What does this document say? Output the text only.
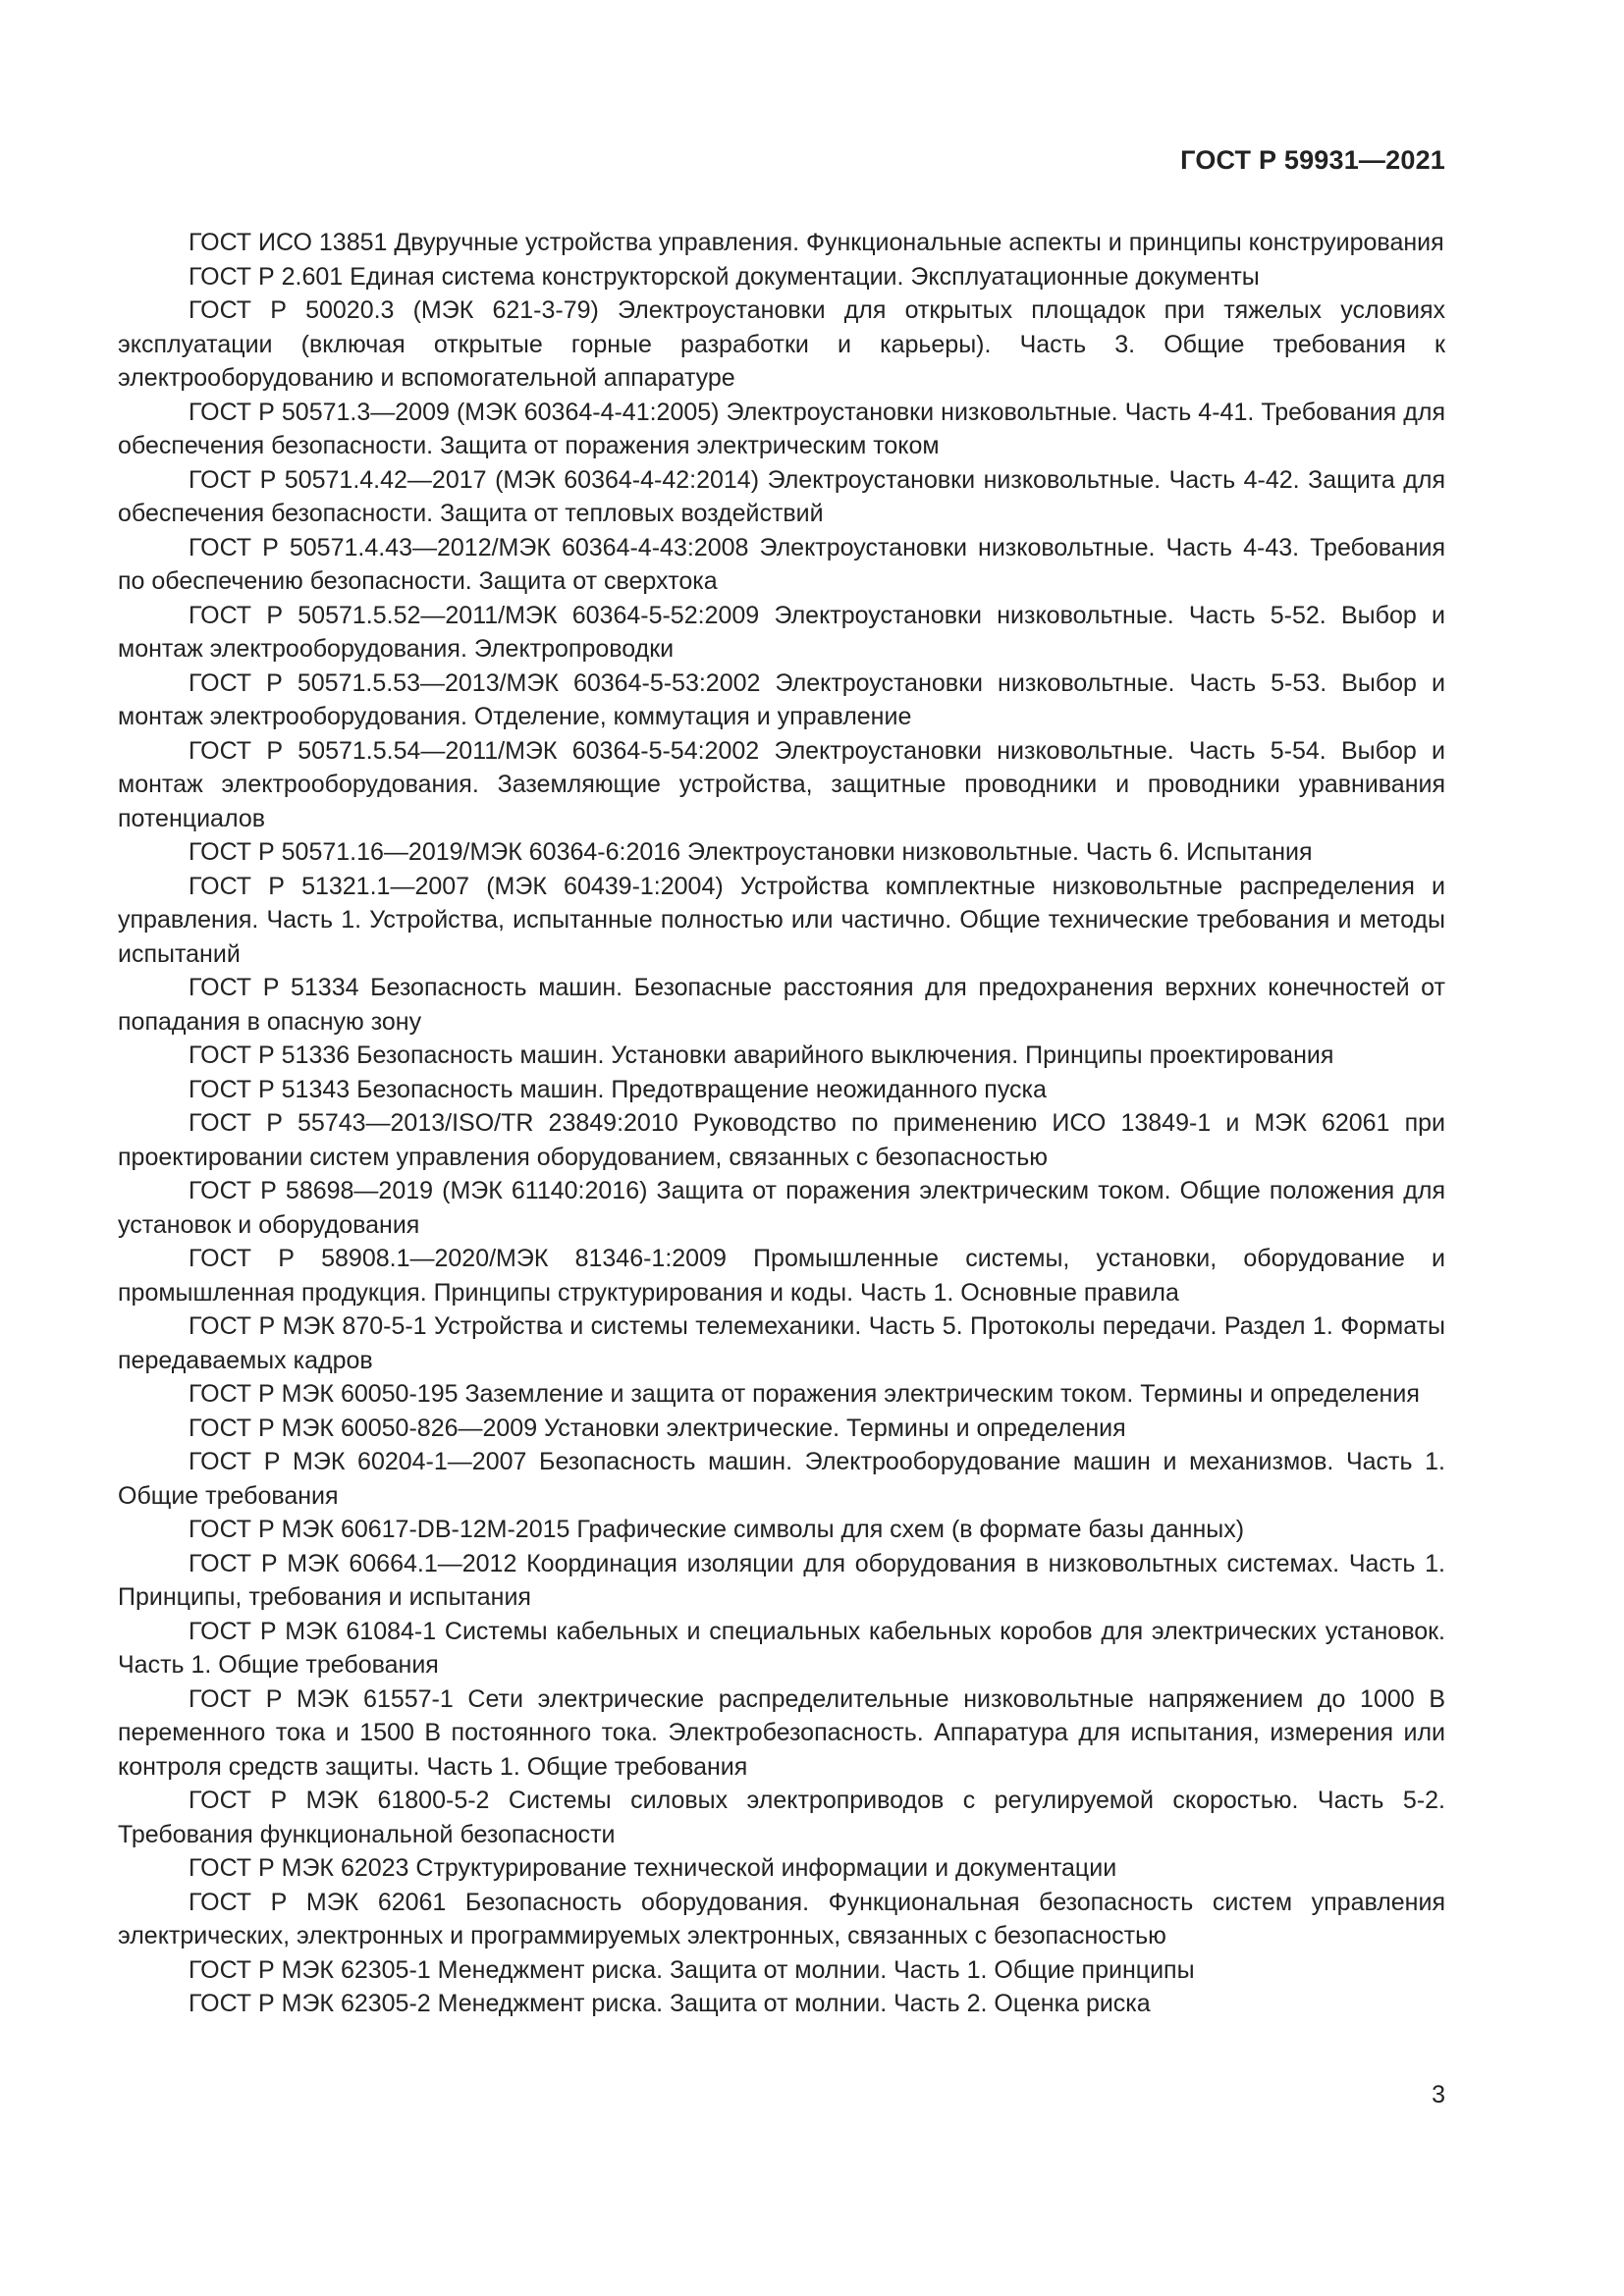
ГОСТ Р 59931—2021

ГОСТ ИСО 13851 Двуручные устройства управления. Функциональные аспекты и принципы конструирования

ГОСТ Р 2.601 Единая система конструкторской документации. Эксплуатационные документы

ГОСТ Р 50020.3 (МЭК 621-3-79) Электроустановки для открытых площадок при тяжелых условиях эксплуатации (включая открытые горные разработки и карьеры). Часть 3. Общие требования к электрооборудованию и вспомогательной аппаратуре

ГОСТ Р 50571.3—2009 (МЭК 60364-4-41:2005) Электроустановки низковольтные. Часть 4-41. Требования для обеспечения безопасности. Защита от поражения электрическим током

ГОСТ Р 50571.4.42—2017 (МЭК 60364-4-42:2014) Электроустановки низковольтные. Часть 4-42. Защита для обеспечения безопасности. Защита от тепловых воздействий

ГОСТ Р 50571.4.43—2012/МЭК 60364-4-43:2008 Электроустановки низковольтные. Часть 4-43. Требования по обеспечению безопасности. Защита от сверхтока

ГОСТ Р 50571.5.52—2011/МЭК 60364-5-52:2009 Электроустановки низковольтные. Часть 5-52. Выбор и монтаж электрооборудования. Электропроводки

ГОСТ Р 50571.5.53—2013/МЭК 60364-5-53:2002 Электроустановки низковольтные. Часть 5-53. Выбор и монтаж электрооборудования. Отделение, коммутация и управление

ГОСТ Р 50571.5.54—2011/МЭК 60364-5-54:2002 Электроустановки низковольтные. Часть 5-54. Выбор и монтаж электрооборудования. Заземляющие устройства, защитные проводники и проводники уравнивания потенциалов

ГОСТ Р 50571.16—2019/МЭК 60364-6:2016 Электроустановки низковольтные. Часть 6. Испытания

ГОСТ Р 51321.1—2007 (МЭК 60439-1:2004) Устройства комплектные низковольтные распределения и управления. Часть 1. Устройства, испытанные полностью или частично. Общие технические требования и методы испытаний

ГОСТ Р 51334 Безопасность машин. Безопасные расстояния для предохранения верхних конечностей от попадания в опасную зону

ГОСТ Р 51336 Безопасность машин. Установки аварийного выключения. Принципы проектирования

ГОСТ Р 51343 Безопасность машин. Предотвращение неожиданного пуска

ГОСТ Р 55743—2013/ISO/TR 23849:2010 Руководство по применению ИСО 13849-1 и МЭК 62061 при проектировании систем управления оборудованием, связанных с безопасностью

ГОСТ Р 58698—2019 (МЭК 61140:2016) Защита от поражения электрическим током. Общие положения для установок и оборудования

ГОСТ Р 58908.1—2020/МЭК 81346-1:2009 Промышленные системы, установки, оборудование и промышленная продукция. Принципы структурирования и коды. Часть 1. Основные правила

ГОСТ Р МЭК 870-5-1 Устройства и системы телемеханики. Часть 5. Протоколы передачи. Раздел 1. Форматы передаваемых кадров

ГОСТ Р МЭК 60050-195 Заземление и защита от поражения электрическим током. Термины и определения

ГОСТ Р МЭК 60050-826—2009 Установки электрические. Термины и определения

ГОСТ Р МЭК 60204-1—2007 Безопасность машин. Электрооборудование машин и механизмов. Часть 1. Общие требования

ГОСТ Р МЭК 60617-DB-12M-2015 Графические символы для схем (в формате базы данных)

ГОСТ Р МЭК 60664.1—2012 Координация изоляции для оборудования в низковольтных системах. Часть 1. Принципы, требования и испытания

ГОСТ Р МЭК 61084-1 Системы кабельных и специальных кабельных коробов для электрических установок. Часть 1. Общие требования

ГОСТ Р МЭК 61557-1 Сети электрические распределительные низковольтные напряжением до 1000 В переменного тока и 1500 В постоянного тока. Электробезопасность. Аппаратура для испытания, измерения или контроля средств защиты. Часть 1. Общие требования

ГОСТ Р МЭК 61800-5-2 Системы силовых электроприводов с регулируемой скоростью. Часть 5-2. Требования функциональной безопасности

ГОСТ Р МЭК 62023 Структурирование технической информации и документации

ГОСТ Р МЭК 62061 Безопасность оборудования. Функциональная безопасность систем управления электрических, электронных и программируемых электронных, связанных с безопасностью

ГОСТ Р МЭК 62305-1 Менеджмент риска. Защита от молнии. Часть 1. Общие принципы

ГОСТ Р МЭК 62305-2 Менеджмент риска. Защита от молнии. Часть 2. Оценка риска

3
